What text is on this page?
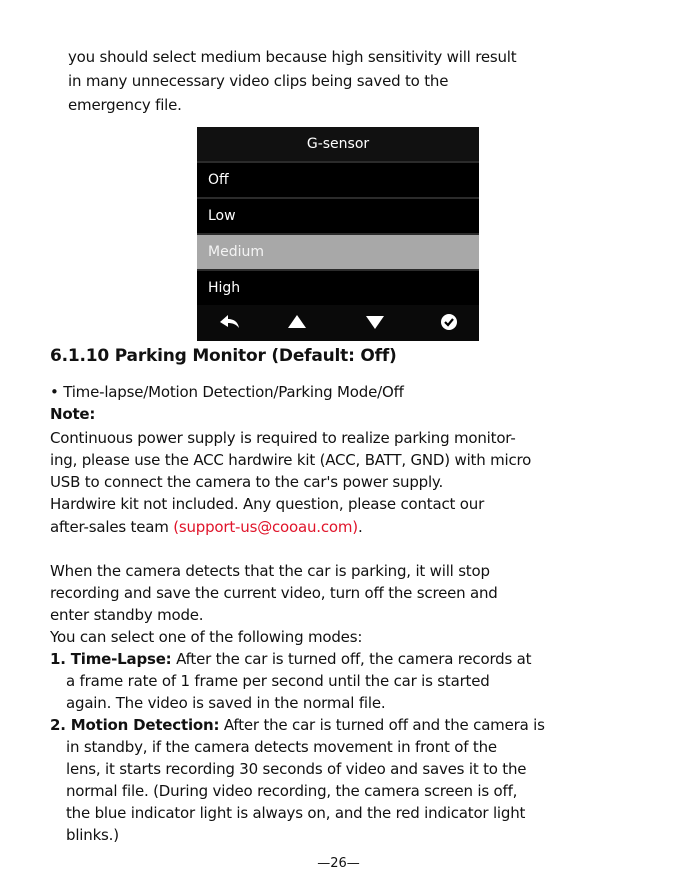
you should select medium because high sensitivity will result
in many unnecessary video clips being saved to the
emergency file.
G-sensor
Off
Low
Medium
High
6.1.10 Parking Monitor (Default: Off)
• Time-lapse/Motion Detection/Parking Mode/Off
Note:
Continuous power supply is required to realize parking monitor-
ing, please use the ACC hardwire kit (ACC, BATT, GND) with micro
USB to connect the camera to the car's power supply.
Hardwire kit not included. Any question, please contact our
after-sales team (support-us@cooau.com).
When the camera detects that the car is parking, it will stop
recording and save the current video, turn off the screen and
enter standby mode.
You can select one of the following modes:
1. Time-Lapse: After the car is turned off, the camera records at
a frame rate of 1 frame per second until the car is started
again. The video is saved in the normal file.
2. Motion Detection: After the car is turned off and the camera is
in standby, if the camera detects movement in front of the
lens, it starts recording 30 seconds of video and saves it to the
normal file. (During video recording, the camera screen is off,
the blue indicator light is always on, and the red indicator light
blinks.)
—26—
